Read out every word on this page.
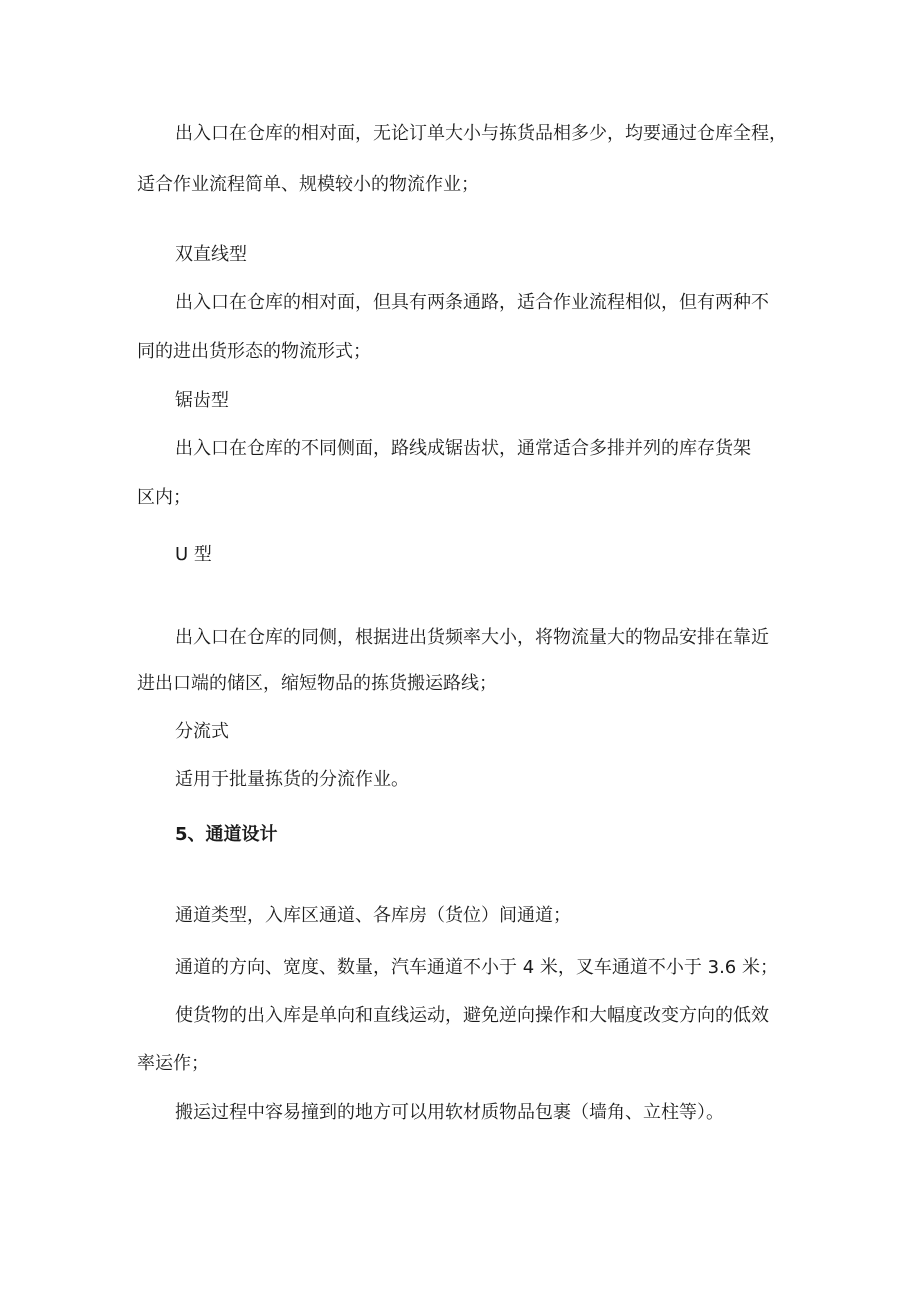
出入口在仓库的相对面，无论订单大小与拣货品相多少，均要通过仓库全程，

适合作业流程简单、规模较小的物流作业；

双直线型

出入口在仓库的相对面，但具有两条通路，适合作业流程相似，但有两种不

同的进出货形态的物流形式；

锯齿型

出入口在仓库的不同侧面，路线成锯齿状，通常适合多排并列的库存货架

区内；

U 型

出入口在仓库的同侧，根据进出货频率大小，将物流量大的物品安排在靠近

进出口端的储区，缩短物品的拣货搬运路线；

分流式

适用于批量拣货的分流作业。

5、通道设计

通道类型，入库区通道、各库房（货位）间通道；

通道的方向、宽度、数量，汽车通道不小于 4 米，叉车通道不小于 3.6 米；

使货物的出入库是单向和直线运动，避免逆向操作和大幅度改变方向的低效

率运作；

搬运过程中容易撞到的地方可以用软材质物品包裹（墙角、立柱等）。
